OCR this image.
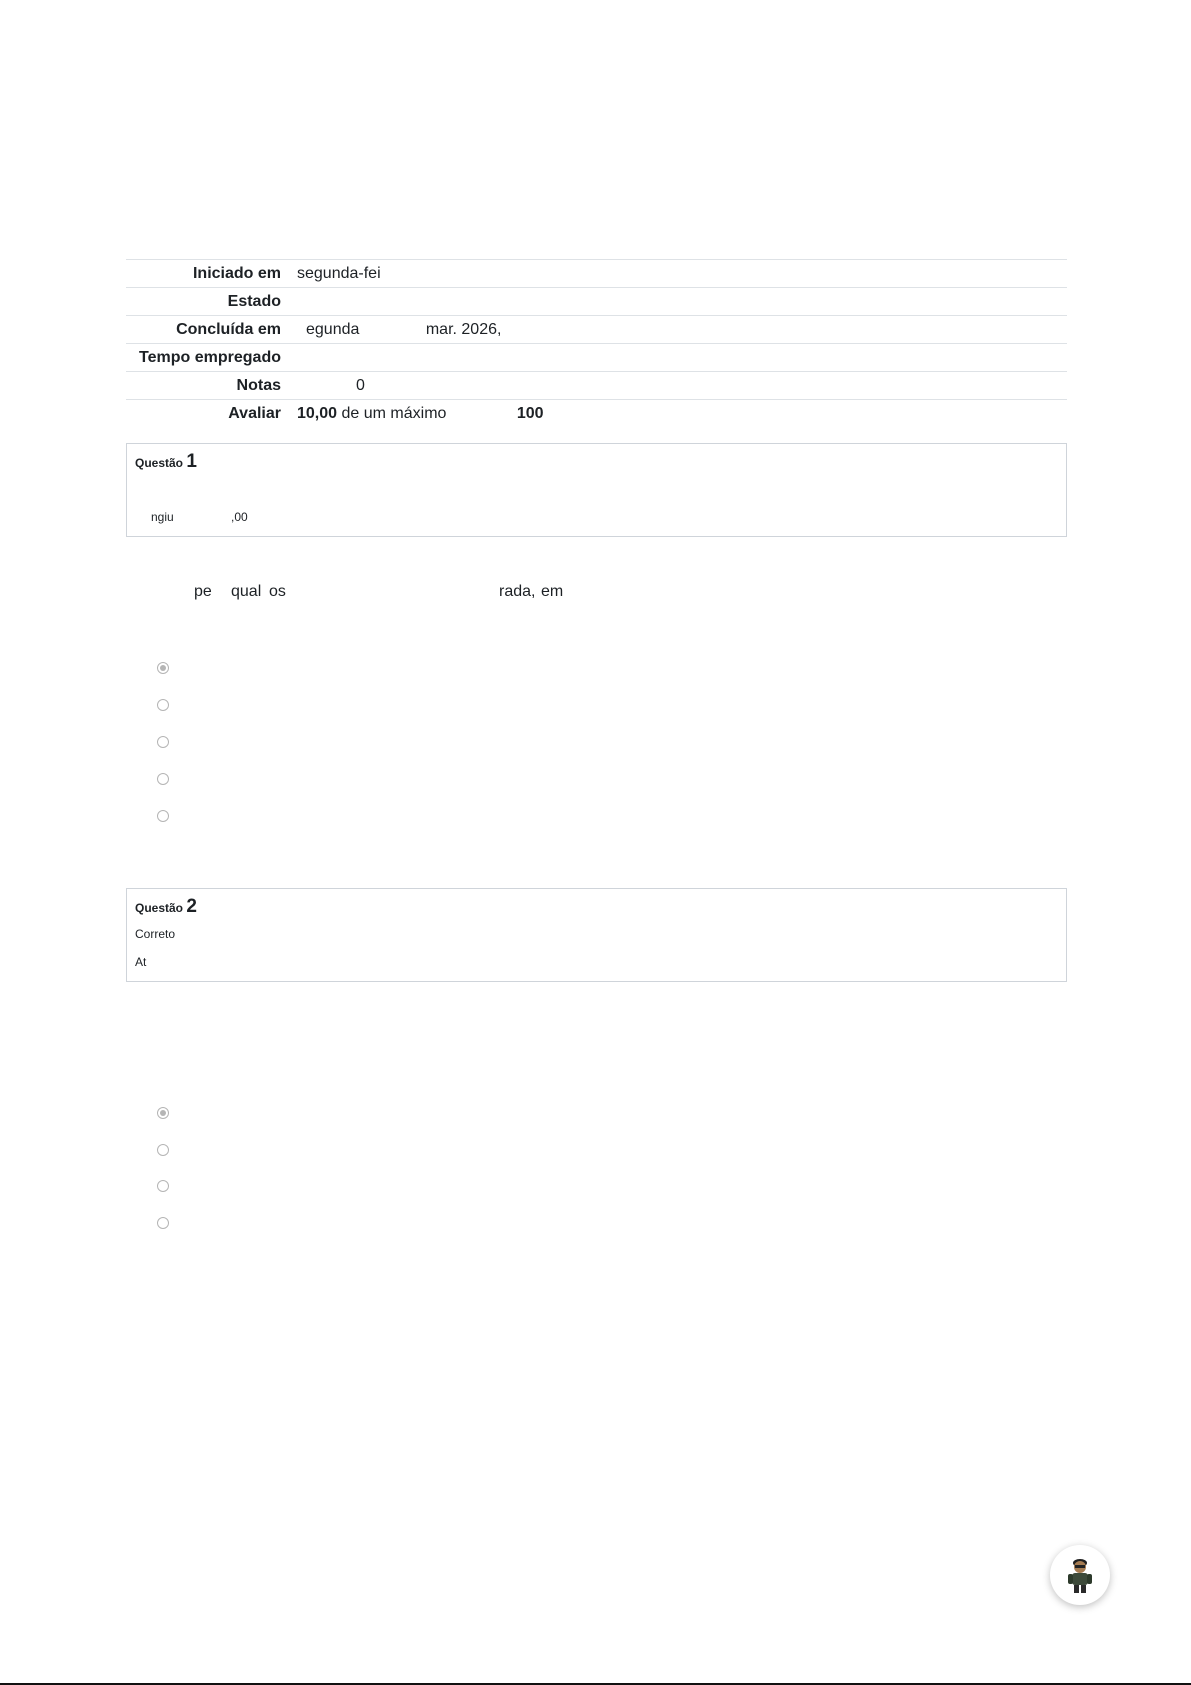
Iniciado em segunda-fei
Estado
Concluída em egunda	mar. 2026,
Tempo empregado
Notas	0
Avaliar 10,00 de um máximo	100
Questão 1
ngiu	,00
pe qual os	rada, em
Questão 2
Correto
At
